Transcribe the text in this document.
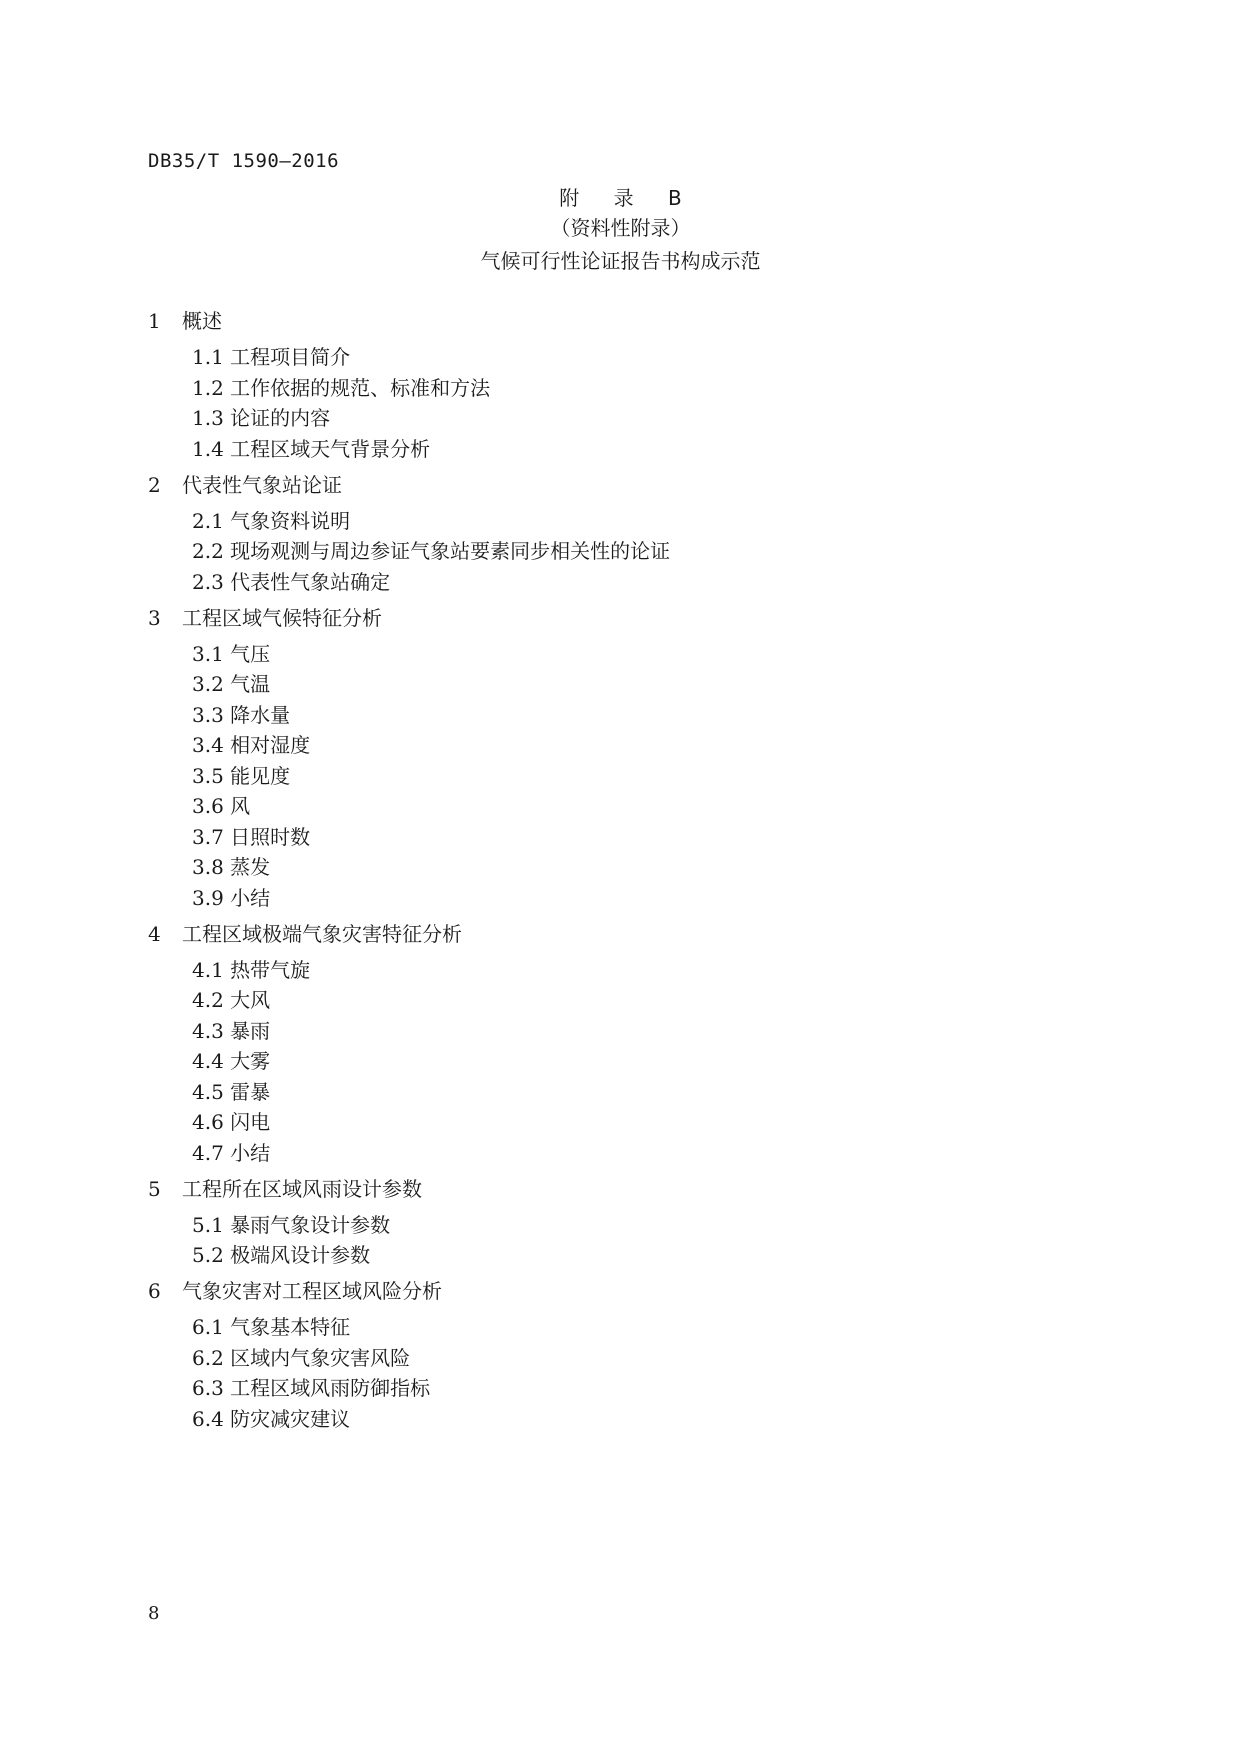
DB35/T 1590—2016
附 录 B
（资料性附录）
气候可行性论证报告书构成示范
1 概述
1.1 工程项目简介
1.2 工作依据的规范、标准和方法
1.3 论证的内容
1.4 工程区域天气背景分析
2 代表性气象站论证
2.1 气象资料说明
2.2 现场观测与周边参证气象站要素同步相关性的论证
2.3 代表性气象站确定
3 工程区域气候特征分析
3.1 气压
3.2 气温
3.3 降水量
3.4 相对湿度
3.5 能见度
3.6 风
3.7 日照时数
3.8 蒸发
3.9 小结
4 工程区域极端气象灾害特征分析
4.1 热带气旋
4.2 大风
4.3 暴雨
4.4 大雾
4.5 雷暴
4.6 闪电
4.7 小结
5 工程所在区域风雨设计参数
5.1 暴雨气象设计参数
5.2 极端风设计参数
6 气象灾害对工程区域风险分析
6.1 气象基本特征
6.2 区域内气象灾害风险
6.3 工程区域风雨防御指标
6.4 防灾减灾建议
8
